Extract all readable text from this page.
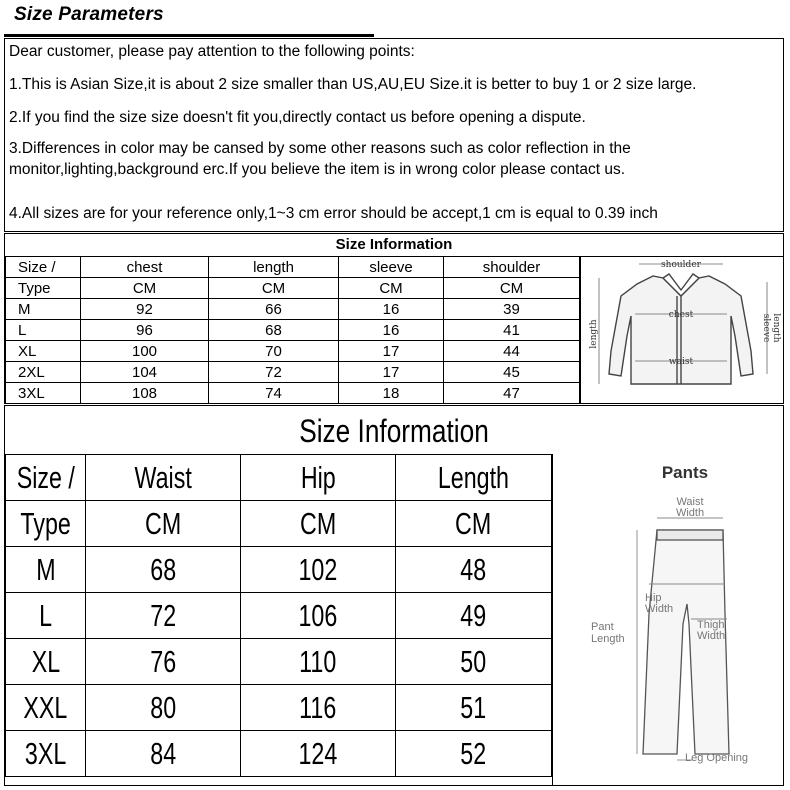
Size Parameters
Dear customer, please pay attention to the following points:
1.This is Asian Size,it is about 2 size smaller than US,AU,EU Size.it is better to buy 1 or 2 size large.
2.If you find the size size doesn't fit you,directly contact us before opening a dispute.
3.Differences in color may be cansed by some other reasons such as color reflection in the
monitor,lighting,background erc.If you believe the item is in wrong color please contact us.
4.All sizes are for your reference only,1~3 cm error should be accept,1 cm is equal to 0.39 inch
Size Information
Size /	chest	length	sleeve	shoulder
Type	CM	CM	CM	CM
M	92	66	16	39
L	96	68	16	41
XL	100	70	17	44
2XL	104	72	17	45
3XL	108	74	18	47
shoulder
chest
waist
length	sleeve length
Size Information
Size /	Waist	Hip	Length
Type	CM	CM	CM
M	68	102	48
L	72	106	49
XL	76	110	50
XXL	80	116	51
3XL	84	124	52
Pants
Waist
Width
Hip
Width
Thigh
Width
Pant
Length
Leg Opening
